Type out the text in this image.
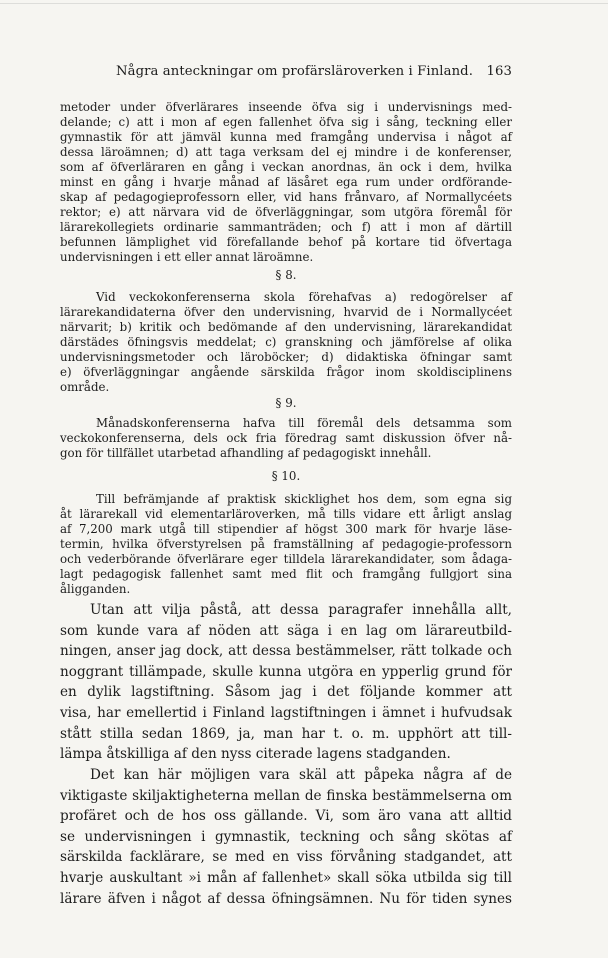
Några anteckningar om profärsläroverken i Finland. 163
metoder under öfverlärares inseende öfva sig i undervisnings med-
delande; c) att i mon af egen fallenhet öfva sig i sång, teckning eller
gymnastik för att jämväl kunna med framgång undervisa i något af
dessa läroämnen; d) att taga verksam del ej mindre i de konferenser,
som af öfverläraren en gång i veckan anordnas, än ock i dem, hvilka
minst en gång i hvarje månad af läsåret ega rum under ordförande-
skap af pedagogieprofessorn eller, vid hans frånvaro, af Normallycéets
rektor; e) att närvara vid de öfverläggningar, som utgöra föremål för
lärarekollegiets ordinarie sammanträden; och f) att i mon af därtill
befunnen lämplighet vid förefallande behof på kortare tid öfvertaga
undervisningen i ett eller annat läroämne.
§ 8.
Vid veckokonferenserna skola förehafvas a) redogörelser af
lärarekandidaterna öfver den undervisning, hvarvid de i Normallycéet
närvarit; b) kritik och bedömande af den undervisning, lärarekandidat
därstädes öfningsvis meddelat; c) granskning och jämförelse af olika
undervisningsmetoder och läroböcker; d) didaktiska öfningar samt
e) öfverläggningar angående särskilda frågor inom skoldisciplinens
område.
§ 9.
Månadskonferenserna hafva till föremål dels detsamma som
veckokonferenserna, dels ock fria föredrag samt diskussion öfver nå-
gon för tillfället utarbetad afhandling af pedagogiskt innehåll.
§ 10.
Till befrämjande af praktisk skicklighet hos dem, som egna sig
åt lärarekall vid elementarläroverken, må tills vidare ett årligt anslag
af 7,200 mark utgå till stipendier af högst 300 mark för hvarje läse-
termin, hvilka öfverstyrelsen på framställning af pedagogie-professorn
och vederbörande öfverlärare eger tilldela lärarekandidater, som ådaga-
lagt pedagogisk fallenhet samt med flit och framgång fullgjort sina
åligganden.
Utan att vilja påstå, att dessa paragrafer innehålla allt,
som kunde vara af nöden att säga i en lag om lärareutbild-
ningen, anser jag dock, att dessa bestämmelser, rätt tolkade och
noggrant tillämpade, skulle kunna utgöra en ypperlig grund för
en dylik lagstiftning. Såsom jag i det följande kommer att
visa, har emellertid i Finland lagstiftningen i ämnet i hufvudsak
stått stilla sedan 1869, ja, man har t. o. m. upphört att till-
lämpa åtskilliga af den nyss citerade lagens stadganden.
Det kan här möjligen vara skäl att påpeka några af de
viktigaste skiljaktigheterna mellan de finska bestämmelserna om
profäret och de hos oss gällande. Vi, som äro vana att alltid
se undervisningen i gymnastik, teckning och sång skötas af
särskilda facklärare, se med en viss förvåning stadgandet, att
hvarje auskultant »i mån af fallenhet» skall söka utbilda sig till
lärare äfven i något af dessa öfningsämnen. Nu för tiden synes
